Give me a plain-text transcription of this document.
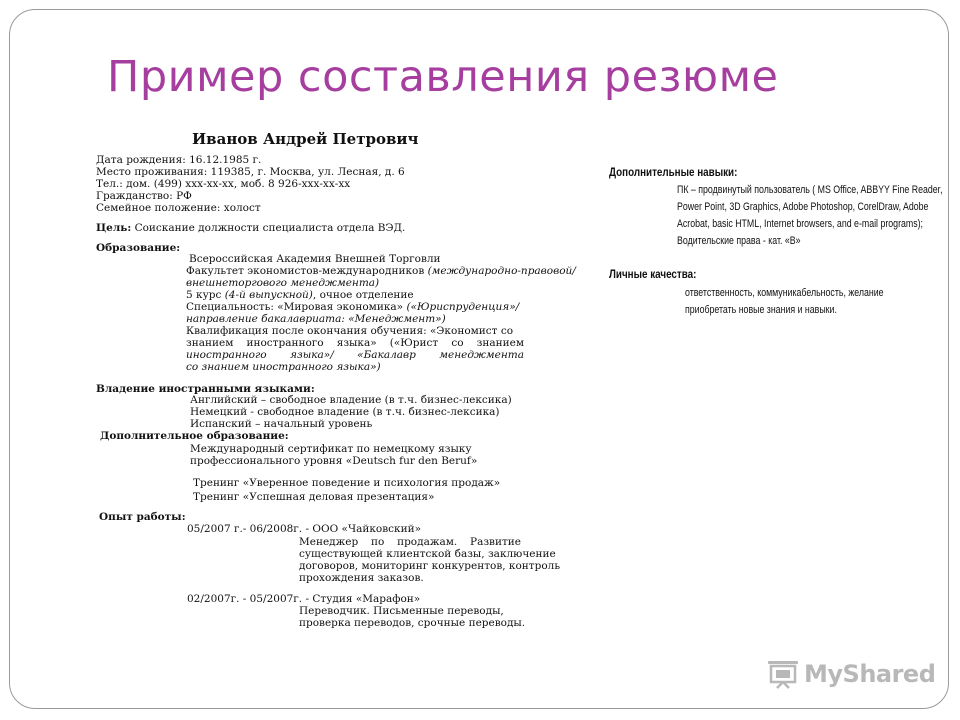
Пример составления резюме
Иванов Андрей Петрович
Дата рождения: 16.12.1985 г.
Место проживания: 119385, г. Москва, ул. Лесная, д. 6
Тел.: дом. (499) ххх-хх-хх, моб. 8 926-ххх-хх-хх
Гражданство: РФ
Семейное положение: холост
Цель: Соискание должности специалиста отдела ВЭД.
Образование:
Всероссийская Академия Внешней Торговли
Факультет экономистов-международников (международно-правовой/
внешнеторгового менеджмента)
5 курс (4-й выпускной), очное отделение
Специальность: «Мировая экономика» («Юриспруденция»/
направление бакалавриата: «Менеджмент»)
Квалификация после окончания обучения: «Экономист со
знанием иностранного языка» («Юрист со знанием
иностранного языка»/ «Бакалавр менеджмента
со знанием иностранного языка»)
Владение иностранными языками:
Английский – свободное владение (в т.ч. бизнес-лексика)
Немецкий - свободное владение (в т.ч. бизнес-лексика)
Испанский – начальный уровень
Дополнительное образование:
Международный сертификат по немецкому языку
профессионального уровня «Deutsch fur den Beruf»
Тренинг «Уверенное поведение и психология продаж»
Тренинг «Успешная деловая презентация»
Опыт работы:
05/2007 г.- 06/2008г. - ООО «Чайковский»
Менеджер по продажам. Развитие
существующей клиентской базы, заключение
договоров, мониторинг конкурентов, контроль
прохождения заказов.
02/2007г. - 05/2007г. - Студия «Марафон»
Переводчик. Письменные переводы,
проверка переводов, срочные переводы.
Дополнительные навыки:
ПК – продвинутый пользователь ( MS Office, ABBYY Fine Reader,
Power Point, 3D Graphics, Adobe Photoshop, CorelDraw, Adobe
Acrobat, basic HTML, Internet browsers, and e-mail programs);
Водительские права - кат. «В»
Личные качества:
ответственность, коммуникабельность, желание
приобретать новые знания и навыки.
MyShared
